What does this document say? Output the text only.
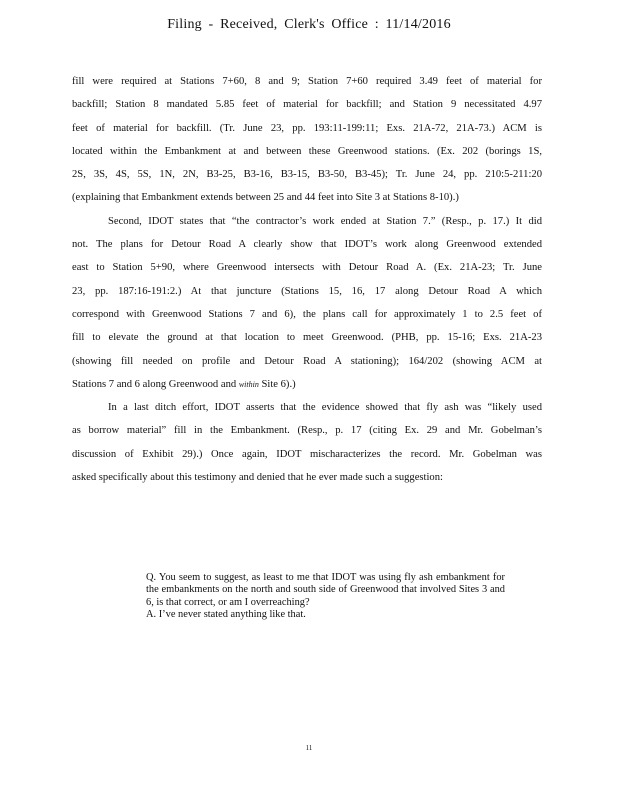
Filing - Received, Clerk's Office : 11/14/2016

fill were required at Stations 7+60, 8 and 9; Station 7+60 required 3.49 feet of material for

backfill; Station 8 mandated 5.85 feet of material for backfill; and Station 9 necessitated 4.97

feet of material for backfill. (Tr. June 23, pp. 193:11-199:11; Exs. 21A-72, 21A-73.) ACM is

located within the Embankment at and between these Greenwood stations. (Ex. 202 (borings 1S,

2S, 3S, 4S, 5S, 1N, 2N, B3-25, B3-16, B3-15, B3-50, B3-45); Tr. June 24, pp. 210:5-211:20

(explaining that Embankment extends between 25 and 44 feet into Site 3 at Stations 8-10).)

Second, IDOT states that “the contractor’s work ended at Station 7.” (Resp., p. 17.) It did

not. The plans for Detour Road A clearly show that IDOT’s work along Greenwood extended

east to Station 5+90, where Greenwood intersects with Detour Road A. (Ex. 21A-23; Tr. June

23, pp. 187:16-191:2.) At that juncture (Stations 15, 16, 17 along Detour Road A which

correspond with Greenwood Stations 7 and 6), the plans call for approximately 1 to 2.5 feet of

fill to elevate the ground at that location to meet Greenwood. (PHB, pp. 15-16; Exs. 21A-23

(showing fill needed on profile and Detour Road A stationing); 164/202 (showing ACM at

Stations 7 and 6 along Greenwood and within Site 6).)

In a last ditch effort, IDOT asserts that the evidence showed that fly ash was “likely used

as borrow material” fill in the Embankment. (Resp., p. 17 (citing Ex. 29 and Mr. Gobelman’s

discussion of Exhibit 29).) Once again, IDOT mischaracterizes the record. Mr. Gobelman was

asked specifically about this testimony and denied that he ever made such a suggestion:

Q. You seem to suggest, as least to me that IDOT was using fly ash embankment for the embankments on the north and south side of Greenwood that involved Sites 3 and 6, is that correct, or am I overreaching?

A. I’ve never stated anything like that.

11
